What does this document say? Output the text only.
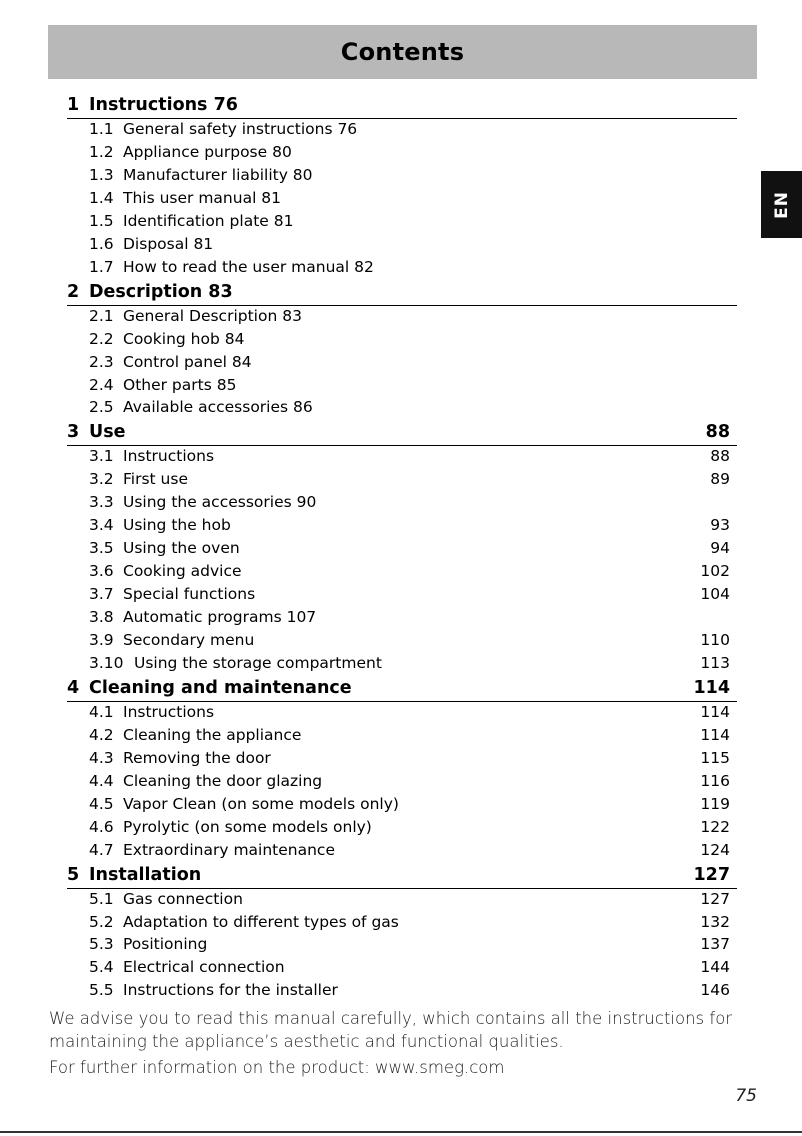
Contents
EN
1 Instructions 76
1.1 General safety instructions 76
1.2 Appliance purpose 80
1.3 Manufacturer liability 80
1.4 This user manual 81
1.5 Identification plate 81
1.6 Disposal 81
1.7 How to read the user manual 82
2 Description 83
2.1 General Description 83
2.2 Cooking hob 84
2.3 Control panel 84
2.4 Other parts 85
2.5 Available accessories 86
3 Use	88
3.1 Instructions	88
3.2 First use	89
3.3 Using the accessories 90
3.4 Using the hob	93
3.5 Using the oven	94
3.6 Cooking advice	102
3.7 Special functions	104
3.8 Automatic programs 107
3.9 Secondary menu	110
3.10 Using the storage compartment	113
4 Cleaning and maintenance	114
4.1 Instructions	114
4.2 Cleaning the appliance	114
4.3 Removing the door	115
4.4 Cleaning the door glazing	116
4.5 Vapor Clean (on some models only)	119
4.6 Pyrolytic (on some models only)	122
4.7 Extraordinary maintenance	124
5 Installation	127
5.1 Gas connection	127
5.2 Adaptation to different types of gas	132
5.3 Positioning	137
5.4 Electrical connection	144
5.5 Instructions for the installer	146
We advise you to read this manual carefully, which contains all the instructions for
maintaining the appliance’s aesthetic and functional qualities.
For further information on the product: www.smeg.com
75
